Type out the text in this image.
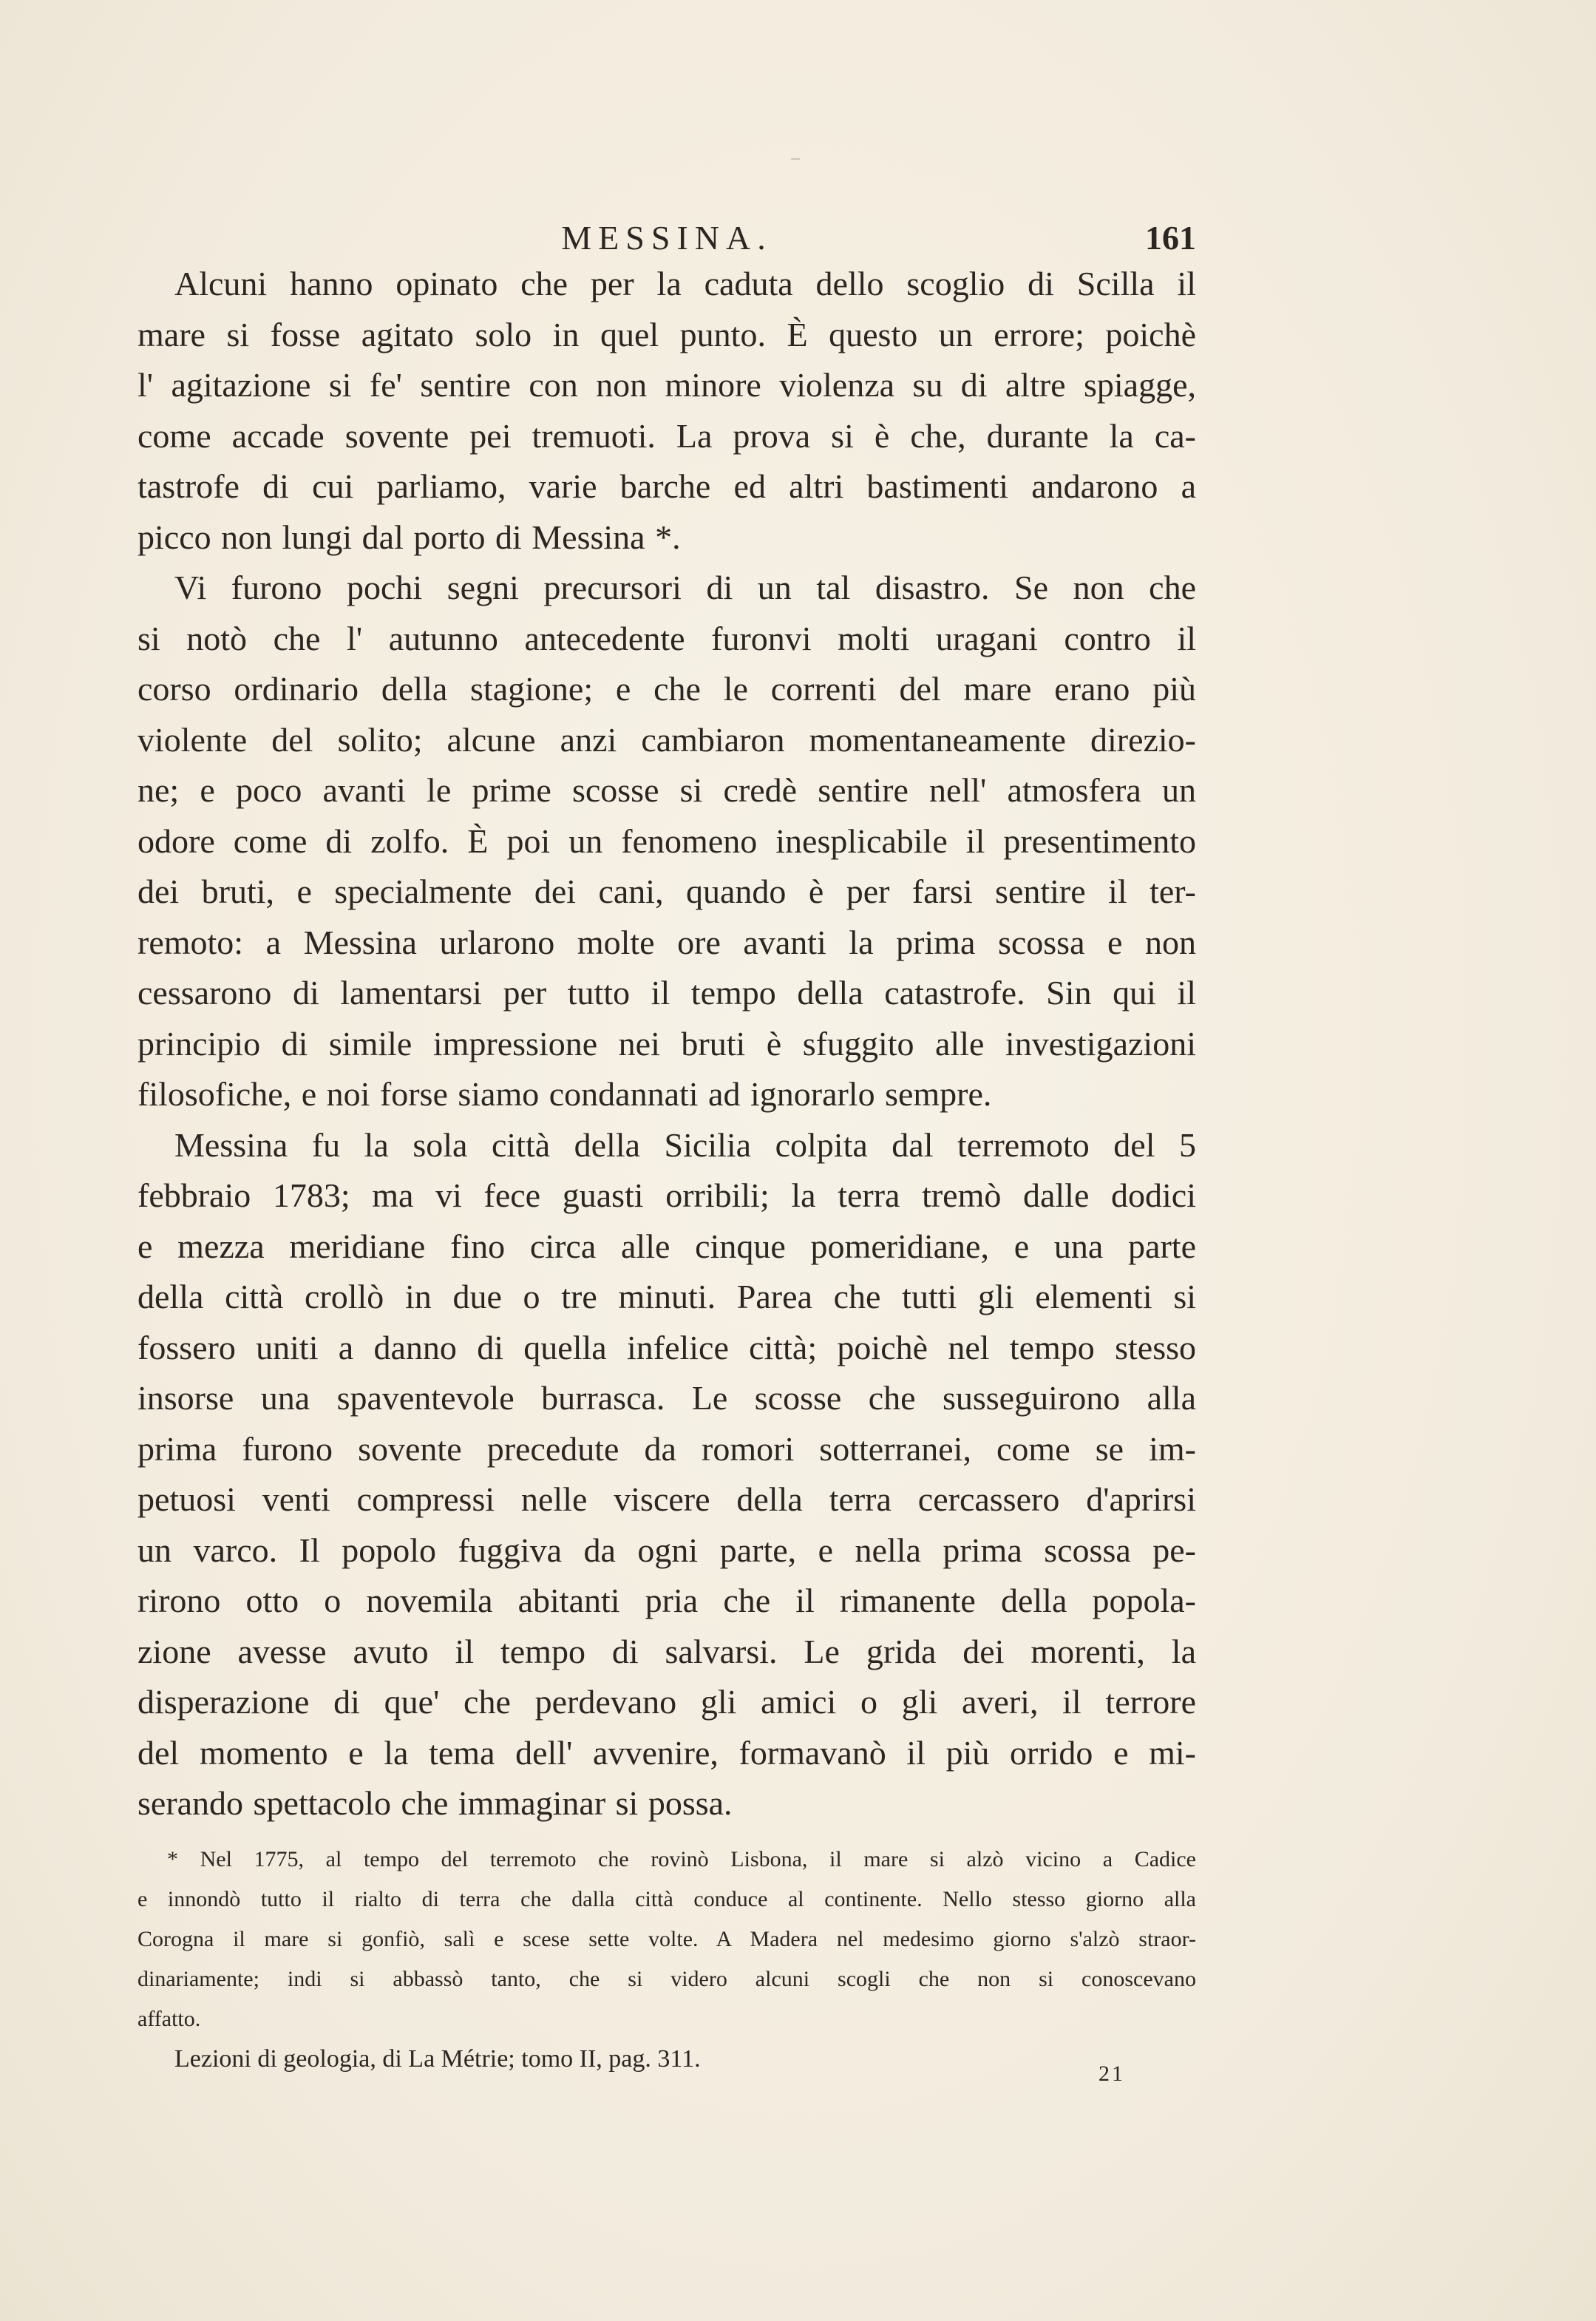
MESSINA.	161
Alcuni hanno opinato che per la caduta dello scoglio di Scilla il
mare si fosse agitato solo in quel punto. È questo un errore; poichè
l' agitazione si fe' sentire con non minore violenza su di altre spiagge,
come accade sovente pei tremuoti. La prova si è che, durante la ca-
tastrofe di cui parliamo, varie barche ed altri bastimenti andarono a
picco non lungi dal porto di Messina *.
Vi furono pochi segni precursori di un tal disastro. Se non che
si notò che l' autunno antecedente furonvi molti uragani contro il
corso ordinario della stagione; e che le correnti del mare erano più
violente del solito; alcune anzi cambiaron momentaneamente direzio-
ne; e poco avanti le prime scosse si credè sentire nell' atmosfera un
odore come di zolfo. È poi un fenomeno inesplicabile il presentimento
dei bruti, e specialmente dei cani, quando è per farsi sentire il ter-
remoto: a Messina urlarono molte ore avanti la prima scossa e non
cessarono di lamentarsi per tutto il tempo della catastrofe. Sin qui il
principio di simile impressione nei bruti è sfuggito alle investigazioni
filosofiche, e noi forse siamo condannati ad ignorarlo sempre.
Messina fu la sola città della Sicilia colpita dal terremoto del 5
febbraio 1783; ma vi fece guasti orribili; la terra tremò dalle dodici
e mezza meridiane fino circa alle cinque pomeridiane, e una parte
della città crollò in due o tre minuti. Parea che tutti gli elementi si
fossero uniti a danno di quella infelice città; poichè nel tempo stesso
insorse una spaventevole burrasca. Le scosse che susseguirono alla
prima furono sovente precedute da romori sotterranei, come se im-
petuosi venti compressi nelle viscere della terra cercassero d'aprirsi
un varco. Il popolo fuggiva da ogni parte, e nella prima scossa pe-
rirono otto o novemila abitanti pria che il rimanente della popola-
zione avesse avuto il tempo di salvarsi. Le grida dei morenti, la
disperazione di que' che perdevano gli amici o gli averi, il terrore
del momento e la tema dell' avvenire, formavanò il più orrido e mi-
serando spettacolo che immaginar si possa.
* Nel 1775, al tempo del terremoto che rovinò Lisbona, il mare si alzò vicino a Cadice
e innondò tutto il rialto di terra che dalla città conduce al continente. Nello stesso giorno alla
Corogna il mare si gonfiò, salì e scese sette volte. A Madera nel medesimo giorno s'alzò straor-
dinariamente; indi si abbassò tanto, che si videro alcuni scogli che non si conoscevano
affatto.
Lezioni di geologia, di La Métrie; tomo II, pag. 311.
21
